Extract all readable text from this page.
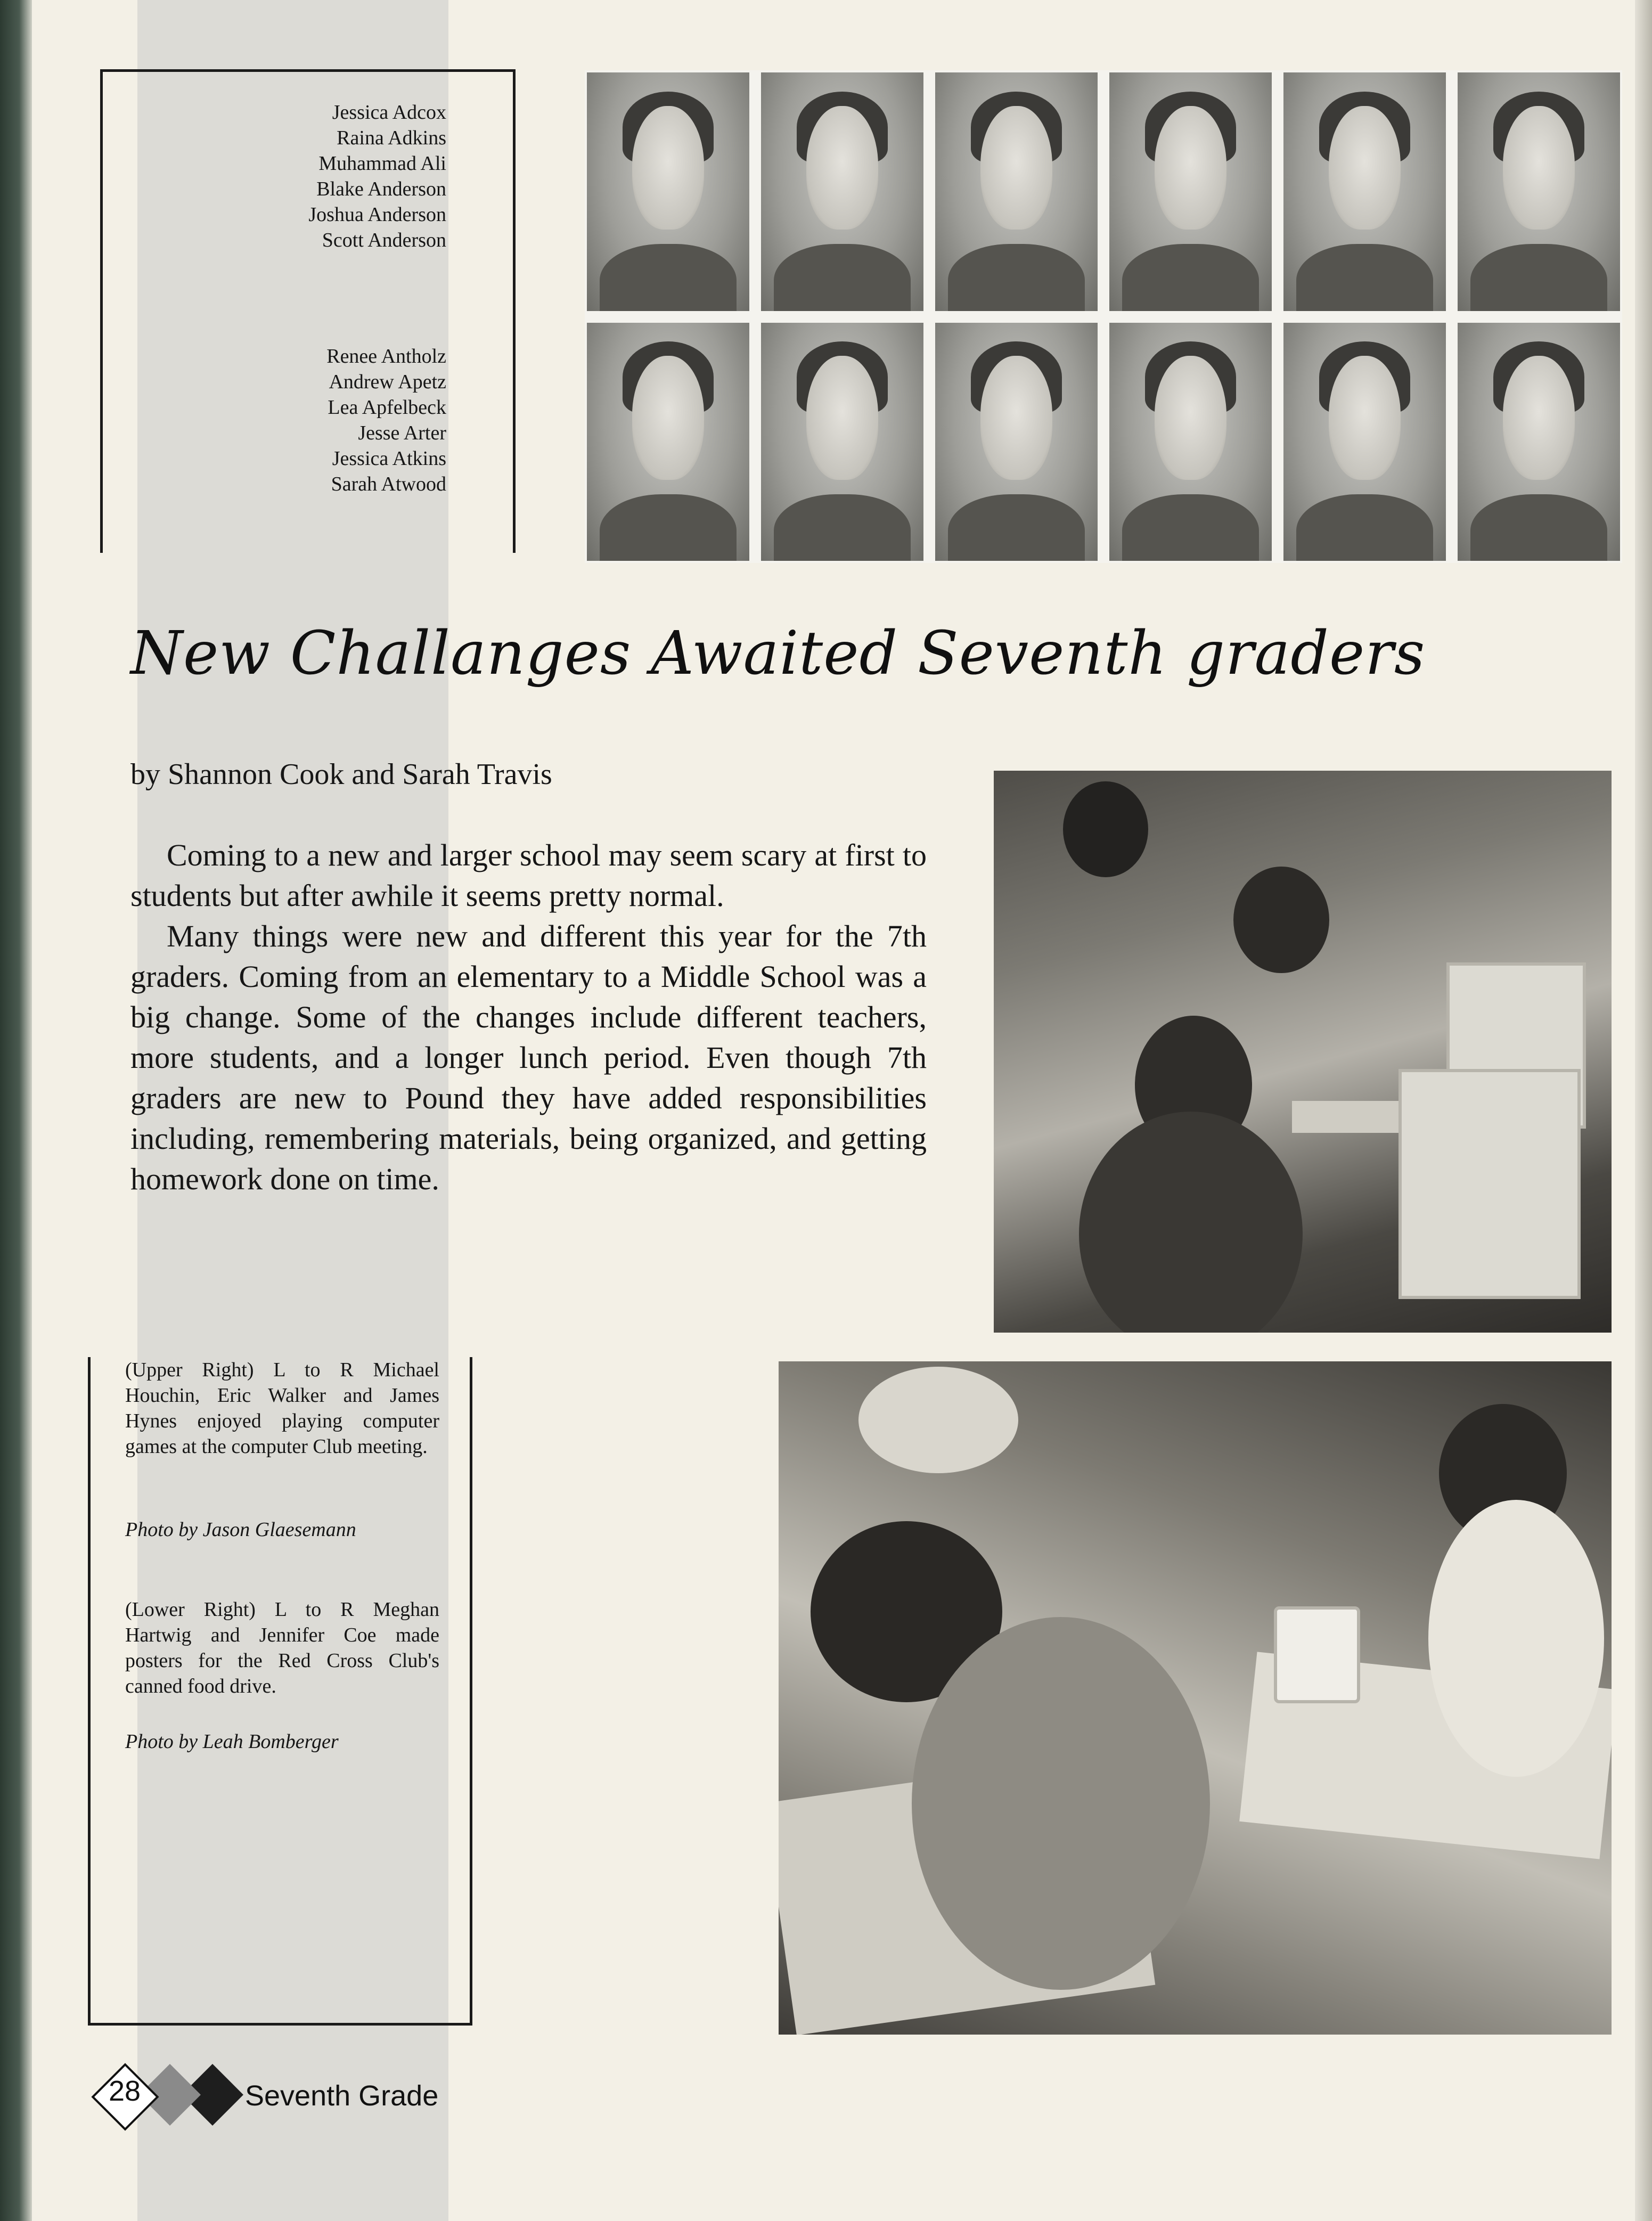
Jessica Adcox
Raina Adkins
Muhammad Ali
Blake Anderson
Joshua Anderson
Scott Anderson
Renee Antholz
Andrew Apetz
Lea Apfelbeck
Jesse Arter
Jessica Atkins
Sarah Atwood
New Challanges Awaited Seventh graders
by Shannon Cook and Sarah Travis

Coming to a new and larger school may seem scary at first to students but after awhile it seems pretty normal.

Many things were new and different this year for the 7th graders. Coming from an elementary to a Middle School was a big change. Some of the changes include different teachers, more students, and a longer lunch period. Even though 7th graders are new to Pound they have added responsibilities including, remembering materials, being organized, and getting homework done on time.

(Upper Right) L to R Michael Houchin, Eric Walker and James Hynes enjoyed playing computer games at the computer Club meeting.
Photo by Jason Glaesemann
(Lower Right) L to R Meghan Hartwig and Jennifer Coe made posters for the Red Cross Club's canned food drive.
Photo by Leah Bomberger
28	Seventh Grade
